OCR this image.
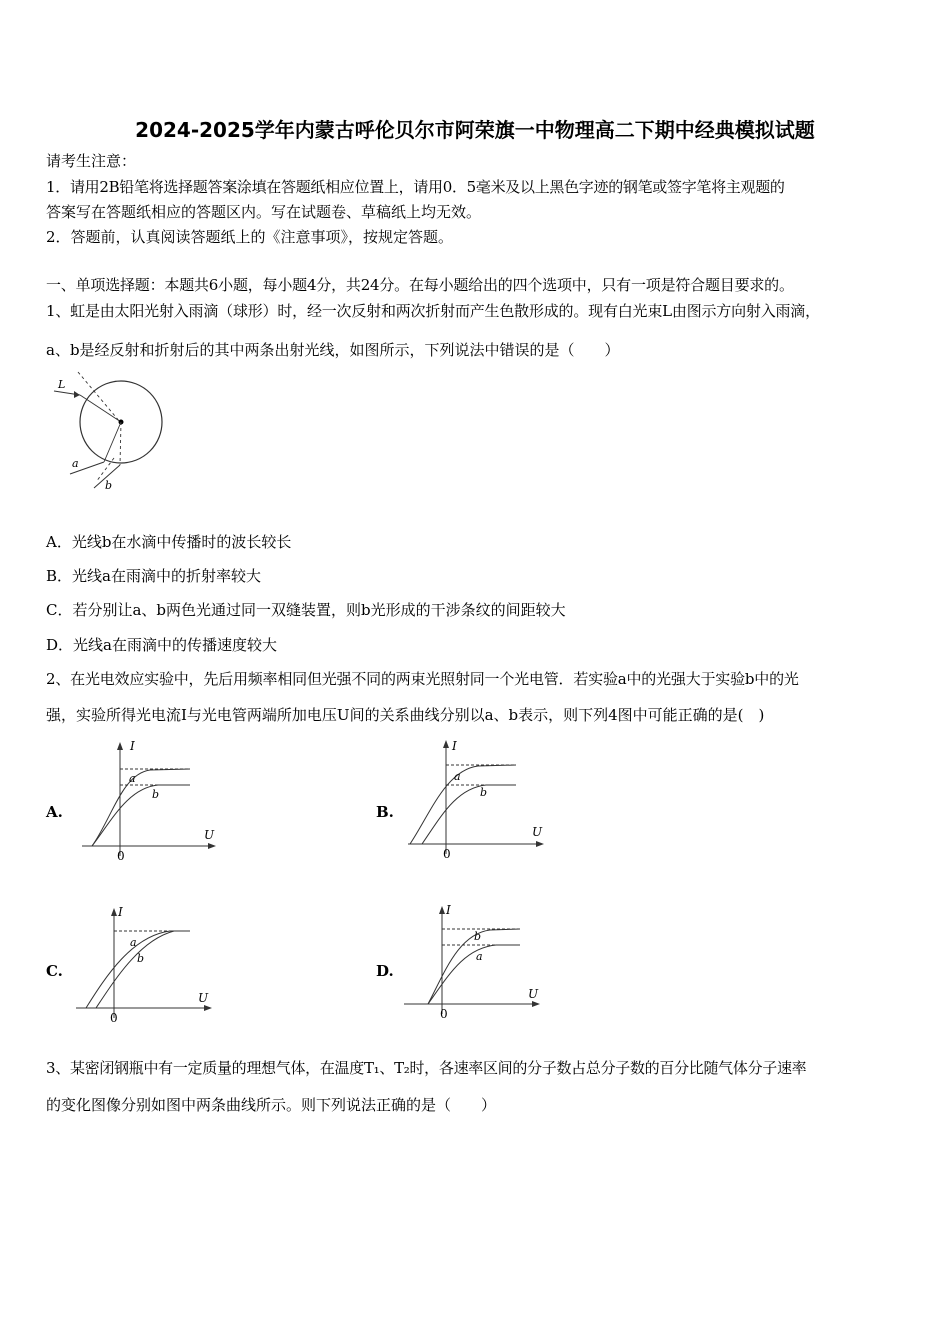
2024-2025学年内蒙古呼伦贝尔市阿荣旗一中物理高二下期中经典模拟试题
请考生注意：
1．请用2B铅笔将选择题答案涂填在答题纸相应位置上，请用0．5毫米及以上黑色字迹的钢笔或签字笔将主观题的
答案写在答题纸相应的答题区内。写在试题卷、草稿纸上均无效。
2．答题前，认真阅读答题纸上的《注意事项》，按规定答题。
一、单项选择题：本题共6小题，每小题4分，共24分。在每小题给出的四个选项中，只有一项是符合题目要求的。
1、虹是由太阳光射入雨滴（球形）时，经一次反射和两次折射而产生色散形成的。现有白光束L由图示方向射入雨滴，
a、b是经反射和折射后的其中两条出射光线，如图所示，下列说法中错误的是（　　）
L
a
b
A．光线b在水滴中传播时的波长较长
B．光线a在雨滴中的折射率较大
C．若分别让a、b两色光通过同一双缝装置，则b光形成的干涉条纹的间距较大
D．光线a在雨滴中的传播速度较大
2、在光电效应实验中，先后用频率相同但光强不同的两束光照射同一个光电管．若实验a中的光强大于实验b中的光
强，实验所得光电流I与光电管两端所加电压U间的关系曲线分别以a、b表示，则下列4图中可能正确的是(　)
A.
I
U
0
a
b
B.
I
U
0
a
b
C.
I
U
0
a
b
D.
I
U
0
b
a
3、某密闭钢瓶中有一定质量的理想气体，在温度T₁、T₂时，各速率区间的分子数占总分子数的百分比随气体分子速率
的变化图像分别如图中两条曲线所示。则下列说法正确的是（　　）
